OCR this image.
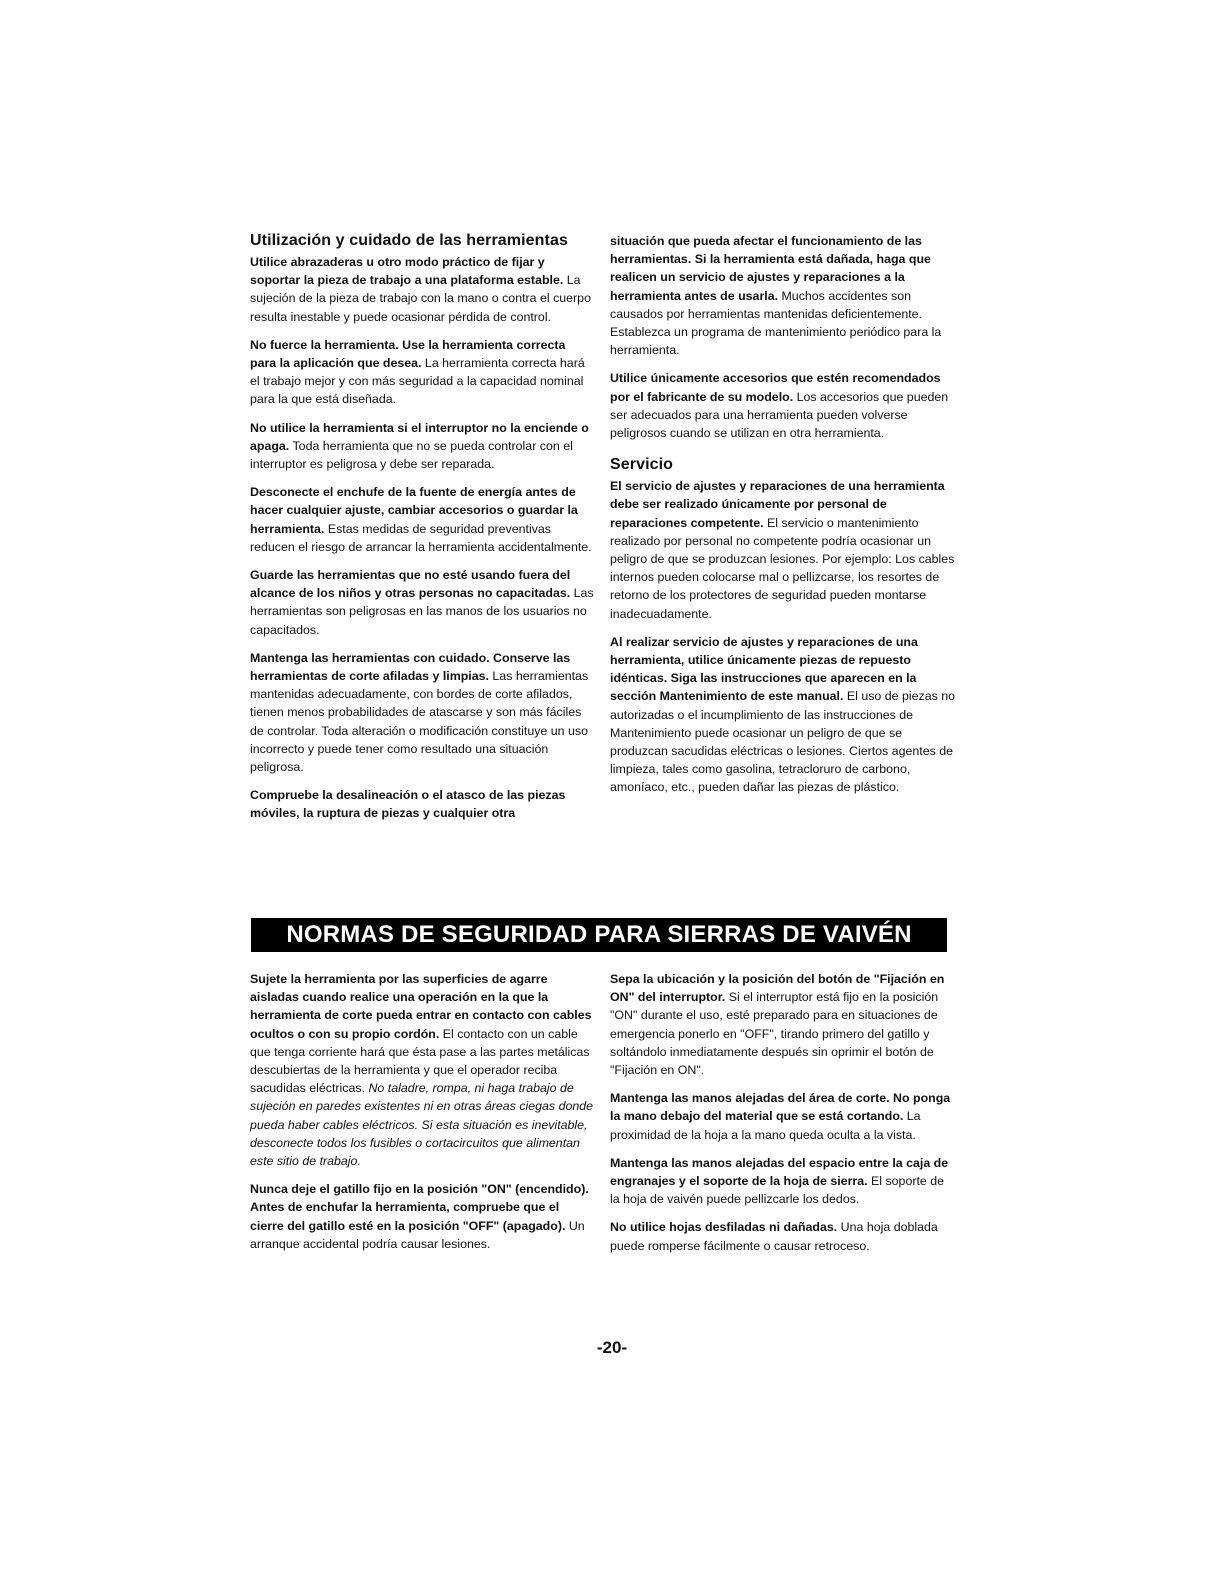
Utilización y cuidado de las herramientas

Utilice abrazaderas u otro modo práctico de fijar y soportar la pieza de trabajo a una plataforma estable. La sujeción de la pieza de trabajo con la mano o contra el cuerpo resulta inestable y puede ocasionar pérdida de control.

No fuerce la herramienta. Use la herramienta correcta para la aplicación que desea. La herramienta correcta hará el trabajo mejor y con más seguridad a la capacidad nominal para la que está diseñada.

No utilice la herramienta si el interruptor no la enciende o apaga. Toda herramienta que no se pueda controlar con el interruptor es peligrosa y debe ser reparada.

Desconecte el enchufe de la fuente de energía antes de hacer cualquier ajuste, cambiar accesorios o guardar la herramienta. Estas medidas de seguridad preventivas reducen el riesgo de arrancar la herramienta accidentalmente.

Guarde las herramientas que no esté usando fuera del alcance de los niños y otras personas no capacitadas. Las herramientas son peligrosas en las manos de los usuarios no capacitados.

Mantenga las herramientas con cuidado. Conserve las herramientas de corte afiladas y limpias. Las herramientas mantenidas adecuadamente, con bordes de corte afilados, tienen menos probabilidades de atascarse y son más fáciles de controlar. Toda alteración o modificación constituye un uso incorrecto y puede tener como resultado una situación peligrosa.

Compruebe la desalineación o el atasco de las piezas móviles, la ruptura de piezas y cualquier otra

situación que pueda afectar el funcionamiento de las herramientas. Si la herramienta está dañada, haga que realicen un servicio de ajustes y reparaciones a la herramienta antes de usarla. Muchos accidentes son causados por herramientas mantenidas deficientemente. Establezca un programa de mantenimiento periódico para la herramienta.

Utilice únicamente accesorios que estén recomendados por el fabricante de su modelo. Los accesorios que pueden ser adecuados para una herramienta pueden volverse peligrosos cuando se utilizan en otra herramienta.

Servicio

El servicio de ajustes y reparaciones de una herramienta debe ser realizado únicamente por personal de reparaciones competente. El servicio o mantenimiento realizado por personal no competente podría ocasionar un peligro de que se produzcan lesiones. Por ejemplo: Los cables internos pueden colocarse mal o pellizcarse, los resortes de retorno de los protectores de seguridad pueden montarse inadecuadamente.

Al realizar servicio de ajustes y reparaciones de una herramienta, utilice únicamente piezas de repuesto idénticas. Siga las instrucciones que aparecen en la sección Mantenimiento de este manual. El uso de piezas no autorizadas o el incumplimiento de las instrucciones de Mantenimiento puede ocasionar un peligro de que se produzcan sacudidas eléctricas o lesiones. Ciertos agentes de limpieza, tales como gasolina, tetracloruro de carbono, amoníaco, etc., pueden dañar las piezas de plástico.

NORMAS DE SEGURIDAD PARA SIERRAS DE VAIVÉN

Sujete la herramienta por las superficies de agarre aisladas cuando realice una operación en la que la herramienta de corte pueda entrar en contacto con cables ocultos o con su propio cordón. El contacto con un cable que tenga corriente hará que ésta pase a las partes metálicas descubiertas de la herramienta y que el operador reciba sacudidas eléctricas. No taladre, rompa, ni haga trabajo de sujeción en paredes existentes ni en otras áreas ciegas donde pueda haber cables eléctricos. Si esta situación es inevitable, desconecte todos los fusibles o cortacircuitos que alimentan este sitio de trabajo.

Nunca deje el gatillo fijo en la posición "ON" (encendido). Antes de enchufar la herramienta, compruebe que el cierre del gatillo esté en la posición "OFF" (apagado). Un arranque accidental podría causar lesiones.

Sepa la ubicación y la posición del botón de "Fijación en ON" del interruptor. Si el interruptor está fijo en la posición "ON" durante el uso, esté preparado para en situaciones de emergencia ponerlo en "OFF", tirando primero del gatillo y soltándolo inmediatamente después sin oprimir el botón de "Fijación en ON".

Mantenga las manos alejadas del área de corte. No ponga la mano debajo del material que se está cortando. La proximidad de la hoja a la mano queda oculta a la vista.

Mantenga las manos alejadas del espacio entre la caja de engranajes y el soporte de la hoja de sierra. El soporte de la hoja de vaivén puede pellizcarle los dedos.

No utilice hojas desfiladas ni dañadas. Una hoja doblada puede romperse fácilmente o causar retroceso.

-20-
